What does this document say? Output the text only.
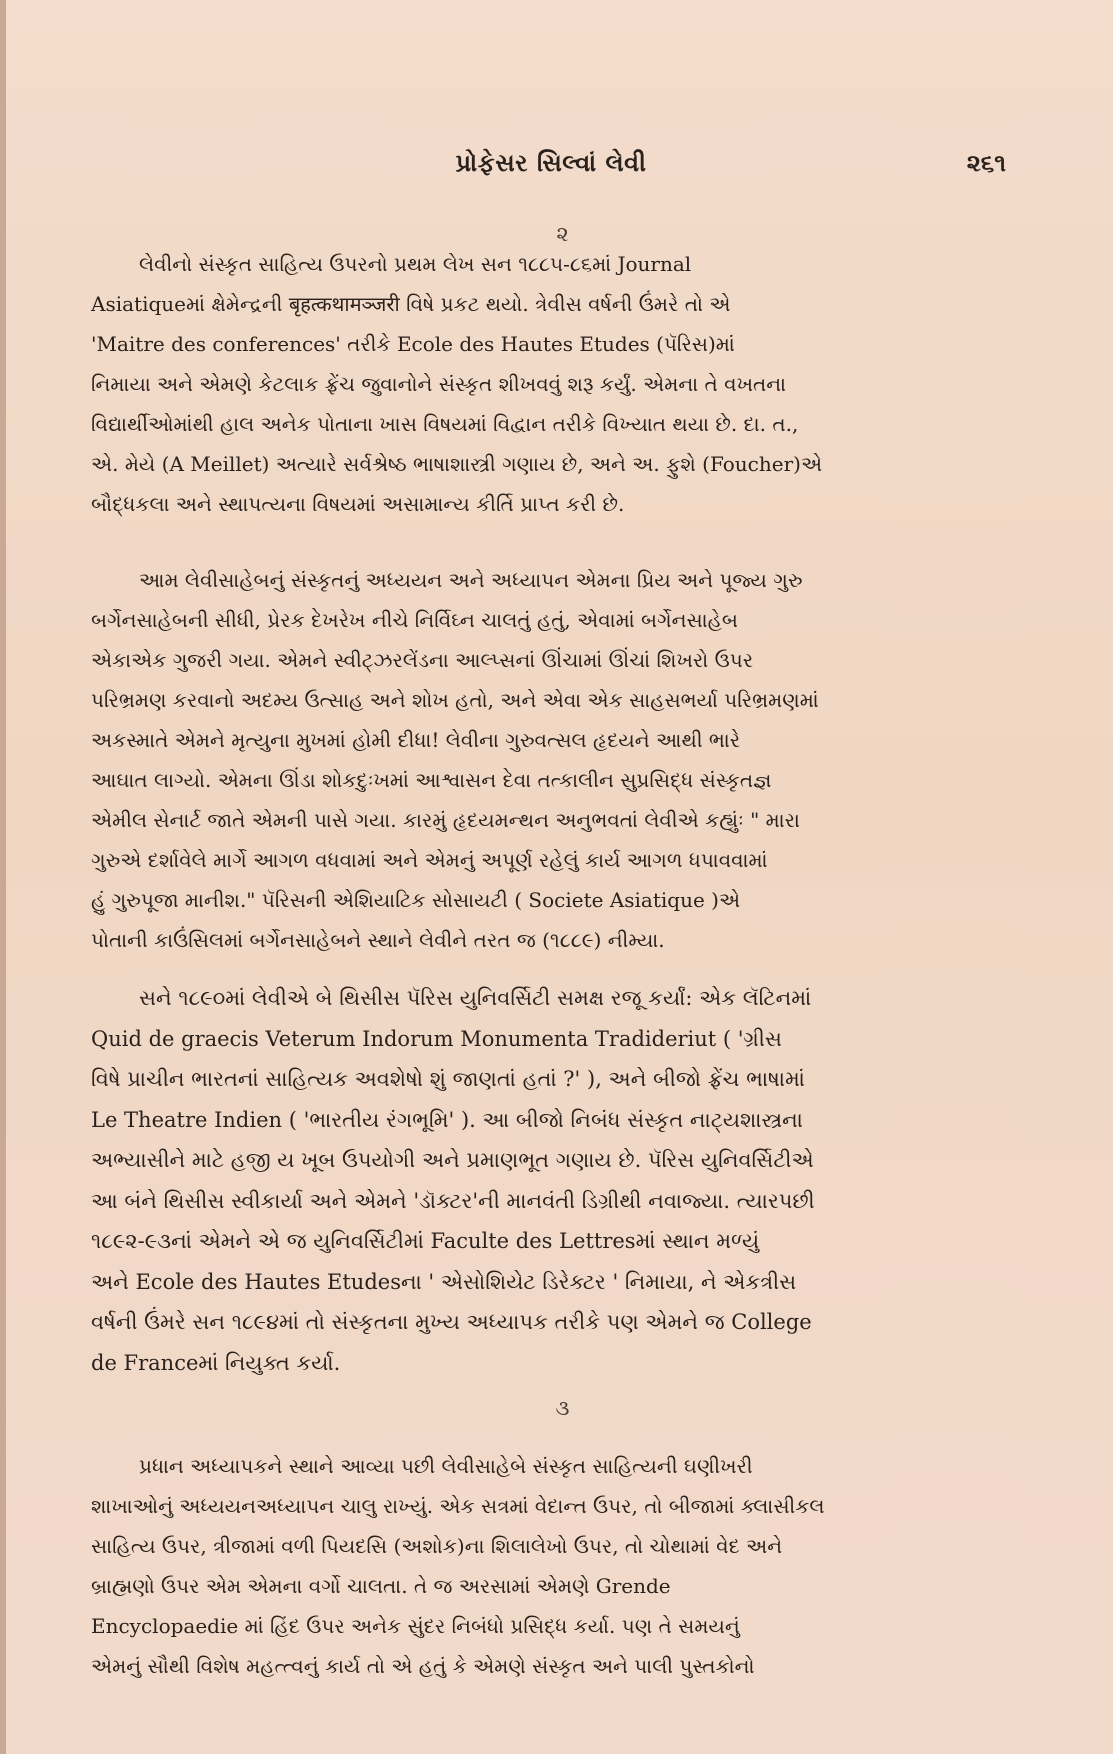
પ્રોફેસર સિલ્વાં લેવી	૨૬૧
૨
લેવીનો સંસ્કૃત સાહિત્ય ઉપરનો પ્રથમ લેખ સન ૧૮૮૫-૮૬માં Journal
Asiatiqueમાં ક્ષેમેન્દ્રની बृहत्कथामञ्जरी વિષે પ્રકટ થયો. ત્રેવીસ વર્ષની ઉંમરે તો એ
'Maitre des conferences' તરીકે Ecole des Hautes Etudes (પૅરિસ)માં
નિમાયા અને એમણે કેટલાક ફ્રેંચ જુવાનોને સંસ્કૃત શીખવવું શરૂ કર્યું. એમના તે વખતના
વિદ્યાર્થીઓમાંથી હાલ અનેક પોતાના ખાસ વિષયમાં વિદ્વાન તરીકે વિખ્યાત થયા છે. દા. ત.,
એ. મેયે (A Meillet) અત્યારે સર્વશ્રેષ્ઠ ભાષાશાસ્ત્રી ગણાય છે, અને અ. ફુશે (Foucher)એ
બૌદ્ધકલા અને સ્થાપત્યના વિષયમાં અસામાન્ય કીર્તિ પ્રાપ્ત કરી છે.
આમ લેવીસાહેબનું સંસ્કૃતનું અધ્યયન અને અધ્યાપન એમના પ્રિય અને પૂજ્ય ગુરુ
બર્ગેનસાહેબની સીધી, પ્રેરક દેખરેખ નીચે નિર્વિઘ્ન ચાલતું હતું, એવામાં બર્ગેનસાહેબ
એકાએક ગુજરી ગયા. એમને સ્વીટ્ઝરલેંડના આલ્પ્સનાં ઊંચામાં ઊંચાં શિખરો ઉપર
પરિભ્રમણ કરવાનો અદમ્ય ઉત્સાહ અને શોખ હતો, અને એવા એક સાહસભર્યા પરિભ્રમણમાં
અકસ્માતે એમને મૃત્યુના મુખમાં હોમી દીધા! લેવીના ગુરુવત્સલ હૃદયને આથી ભારે
આઘાત લાગ્યો. એમના ઊંડા શોકદુઃખમાં આશ્વાસન દેવા તત્કાલીન સુપ્રસિદ્ધ સંસ્કૃતજ્ઞ
એમીલ સેનાર્ટ જાતે એમની પાસે ગયા. કારમું હૃદયમન્થન અનુભવતાં લેવીએ કહ્યુંઃ " મારા
ગુરુએ દર્શાવેલે માર્ગે આગળ વધવામાં અને એમનું અપૂર્ણ રહેલું કાર્ય આગળ ધપાવવામાં
હું ગુરુપૂજા માનીશ." પૅરિસની એશિયાટિક સોસાયટી ( Societe Asiatique )એ
પોતાની કાઉંસિલમાં બર્ગેનસાહેબને સ્થાને લેવીને તરત જ (૧૮૮૯) નીમ્યા.
સને ૧૮૯૦માં લેવીએ બે થિસીસ પૅરિસ યુનિવર્સિટી સમક્ષ રજૂ કર્યાં: એક લૅટિનમાં
Quid de graecis Veterum Indorum Monumenta Tradideriut ( 'ગ્રીસ
વિષે પ્રાચીન ભારતનાં સાહિત્યક અવશેષો શું જાણતાં હતાં ?' ), અને બીજો ફ્રેંચ ભાષામાં
Le Theatre Indien ( 'ભારતીય રંગભૂમિ' ). આ બીજો નિબંધ સંસ્કૃત નાટ્યશાસ્ત્રના
અભ્યાસીને માટે હજી ય ખૂબ ઉપયોગી અને પ્રમાણભૂત ગણાય છે. પૅરિસ યુનિવર્સિટીએ
આ બંને થિસીસ સ્વીકાર્યા અને એમને 'ડૉક્ટર'ની માનવંતી ડિગ્રીથી નવાજ્યા. ત્યારપછી
૧૮૯૨-૯૩નાં એમને એ જ યુનિવર્સિટીમાં Faculte des Lettresમાં સ્થાન મળ્યું
અને Ecole des Hautes Etudesના ' એસોશિયેટ ડિરેક્ટર ' નિમાયા, ને એકત્રીસ
વર્ષની ઉંમરે સન ૧૮૯૪માં તો સંસ્કૃતના મુખ્ય અધ્યાપક તરીકે પણ એમને જ College
de Franceમાં નિયુક્ત કર્યા.
૩
પ્રધાન અધ્યાપકને સ્થાને આવ્યા પછી લેવીસાહેબે સંસ્કૃત સાહિત્યની ઘણીખરી
શાખાઓનું અધ્યયનઅધ્યાપન ચાલુ રાખ્યું. એક સત્રમાં વેદાન્ત ઉપર, તો બીજામાં ક્લાસીકલ
સાહિત્ય ઉપર, ત્રીજામાં વળી પિયદસિ (અશોક)ના શિલાલેખો ઉપર, તો ચોથામાં વેદ અને
બ્રાહ્મણો ઉપર એમ એમના વર્ગો ચાલતા. તે જ અરસામાં એમણે Grende
Encyclopaedie માં હિંદ ઉપર અનેક સુંદર નિબંધો પ્રસિદ્ધ કર્યા. પણ તે સમયનું
એમનું સૌથી વિશેષ મહત્ત્વનું કાર્ય તો એ હતું કે એમણે સંસ્કૃત અને પાલી પુસ્તકોનો
